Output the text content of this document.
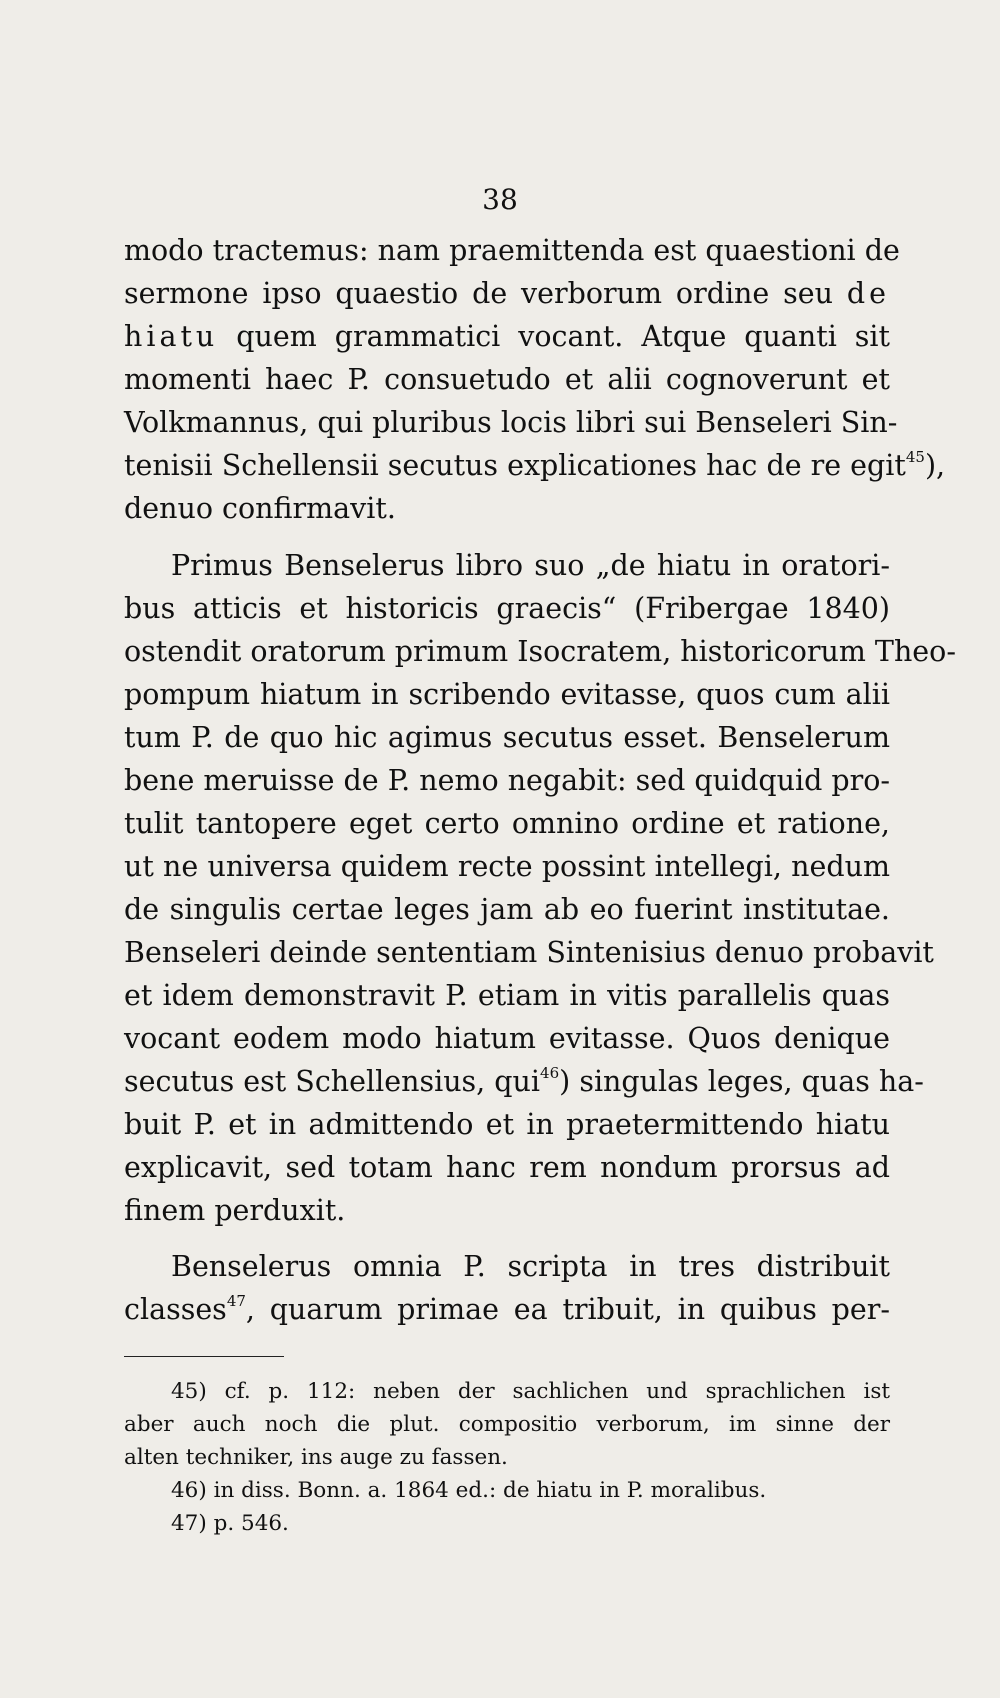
38
modo tractemus: nam praemittenda est quaestioni de
sermone ipso quaestio de verborum ordine seu de
hiatu quem grammatici vocant. Atque quanti sit
momenti haec P. consuetudo et alii cognoverunt et
Volkmannus, qui pluribus locis libri sui Benseleri Sin-
tenisii Schellensii secutus explicationes hac de re egit$^{45}$),
denuo confirmavit.
Primus Benselerus libro suo „de hiatu in oratori-
bus atticis et historicis graecis“ (Fribergae 1840)
ostendit oratorum primum Isocratem, historicorum Theo-
pompum hiatum in scribendo evitasse, quos cum alii
tum P. de quo hic agimus secutus esset. Benselerum
bene meruisse de P. nemo negabit: sed quidquid pro-
tulit tantopere eget certo omnino ordine et ratione,
ut ne universa quidem recte possint intellegi, nedum
de singulis certae leges jam ab eo fuerint institutae.
Benseleri deinde sententiam Sintenisius denuo probavit
et idem demonstravit P. etiam in vitis parallelis quas
vocant eodem modo hiatum evitasse. Quos denique
secutus est Schellensius, qui$^{46}$) singulas leges, quas ha-
buit P. et in admittendo et in praetermittendo hiatu
explicavit, sed totam hanc rem nondum prorsus ad
finem perduxit.
Benselerus omnia P. scripta in tres distribuit
classes$^{47}$, quarum primae ea tribuit, in quibus per-
45) cf. p. 112: neben der sachlichen und sprachlichen ist
aber auch noch die plut. compositio verborum, im sinne der
alten techniker, ins auge zu fassen.
46) in diss. Bonn. a. 1864 ed.: de hiatu in P. moralibus.
47) p. 546.
